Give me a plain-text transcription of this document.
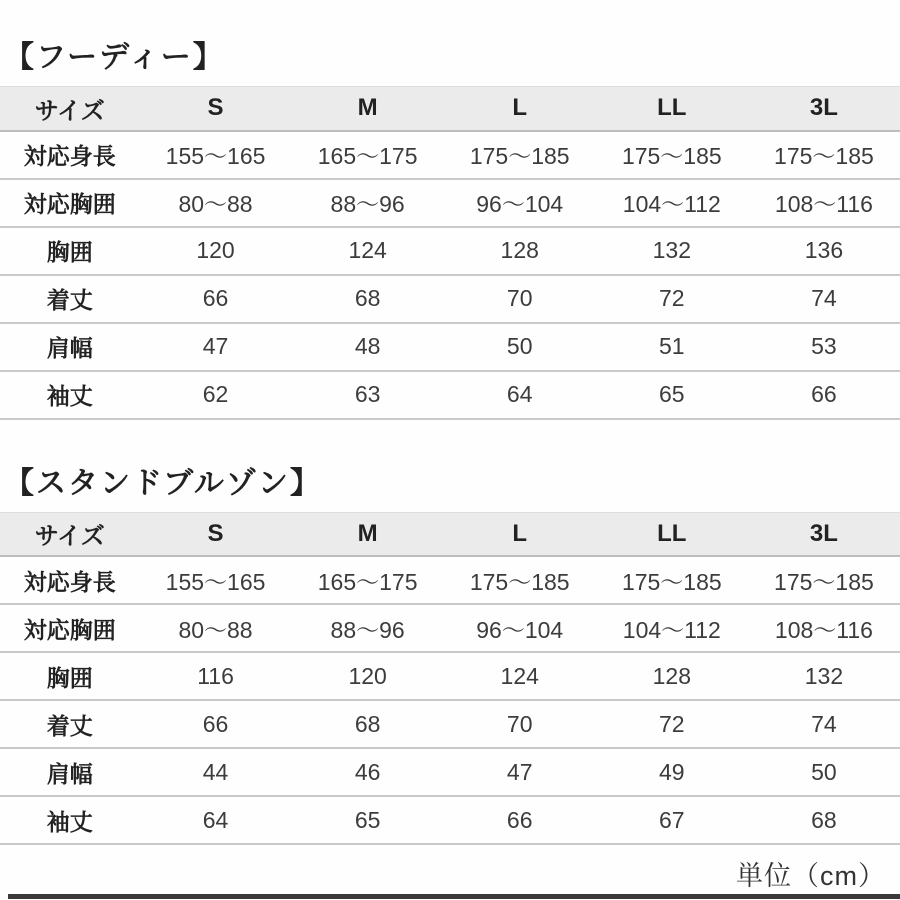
【フーディー】
サイズ	S	M	L	LL	3L
対応身長	155〜165	165〜175	175〜185	175〜185	175〜185
対応胸囲	80〜88	88〜96	96〜104	104〜112	108〜116
胸囲	120	124	128	132	136
着丈	66	68	70	72	74
肩幅	47	48	50	51	53
袖丈	62	63	64	65	66
【スタンドブルゾン】
サイズ	S	M	L	LL	3L
対応身長	155〜165	165〜175	175〜185	175〜185	175〜185
対応胸囲	80〜88	88〜96	96〜104	104〜112	108〜116
胸囲	116	120	124	128	132
着丈	66	68	70	72	74
肩幅	44	46	47	49	50
袖丈	64	65	66	67	68
単位（cm）
